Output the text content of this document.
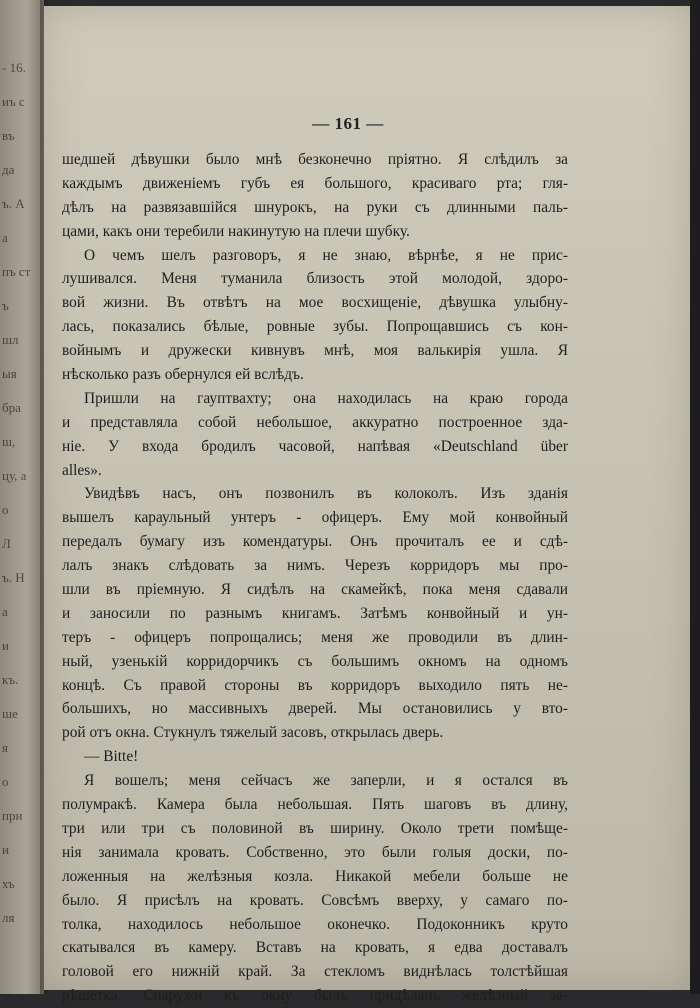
- 16.
иъ с
въ
да
ъ. А
а
пъ ст
ъ
шл
ыя
бра
ш,
цу, а
о
Л
ъ. Н
а
и
къ.
ше
я
о
при
и
хъ
ля
— 161 —
шедшей дѣвушки было мнѣ безконечно пріятно. Я слѣдилъ за
каждымъ движеніемъ губъ ея большого, красиваго рта; гля-
дѣлъ на развязавшійся шнурокъ, на руки съ длинными паль-
цами, какъ они теребили накинутую на плечи шубку.
О чемъ шелъ разговоръ, я не знаю, вѣрнѣе, я не прис-
лушивался. Меня туманила близость этой молодой, здоро-
вой жизни. Въ отвѣтъ на мое восхищеніе, дѣвушка улыбну-
лась, показались бѣлые, ровные зубы. Попрощавшись съ кон-
войнымъ и дружески кивнувъ мнѣ, моя валькирія ушла. Я
нѣсколько разъ обернулся ей вслѣдъ.
Пришли на гауптвахту; она находилась на краю города
и представляла собой небольшое, аккуратно построенное зда-
ніе. У входа бродилъ часовой, напѣвая «Deutschland über
alles».
Увидѣвъ насъ, онъ позвонилъ въ колоколъ. Изъ зданія
вышелъ караульный унтеръ - офицеръ. Ему мой конвойный
передалъ бумагу изъ комендатуры. Онъ прочиталъ ее и сдѣ-
лалъ знакъ слѣдовать за нимъ. Черезъ корридоръ мы про-
шли въ пріемную. Я сидѣлъ на скамейкѣ, пока меня сдавали
и заносили по разнымъ книгамъ. Затѣмъ конвойный и ун-
теръ - офицеръ попрощались; меня же проводили въ длин-
ный, узенькій корридорчикъ съ большимъ окномъ на одномъ
концѣ. Съ правой стороны въ корридоръ выходило пять не-
большихъ, но массивныхъ дверей. Мы остановились у вто-
рой отъ окна. Стукнулъ тяжелый засовъ, открылась дверь.
— Bitte!
Я вошелъ; меня сейчасъ же заперли, и я остался въ
полумракѣ. Камера была небольшая. Пять шаговъ въ длину,
три или три съ половиной въ ширину. Около трети помѣще-
нія занимала кровать. Собственно, это были голыя доски, по-
ложенныя на желѣзныя козла. Никакой мебели больше не
было. Я присѣлъ на кровать. Совсѣмъ вверху, у самаго по-
толка, находилось небольшое оконечко. Подоконникъ круто
скатывался въ камеру. Вставъ на кровать, я едва доставалъ
головой его нижній край. За стекломъ виднѣлась толстѣйшая
рѣшетка. Снаружи къ окну былъ придѣланъ желѣзный за-
